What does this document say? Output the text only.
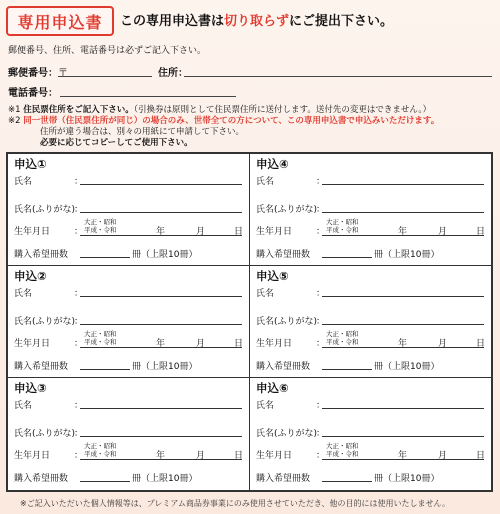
専用申込書	この専用申込書は切り取らずにご提出下さい。
郵便番号、住所、電話番号は必ずご記入下さい。
郵便番号： 〒	住所：
電話番号：
※1 住民票住所をご記入下さい。（引換券は原則として住民票住所に送付します。送付先の変更はできません。）
※2 同一世帯（住民票住所が同じ）の場合のみ、世帯全ての方について、この専用申込書で申込みいただけます。
住所が違う場合は、別々の用紙にて申請して下さい。
必要に応じてコピーしてご使用下さい。
申込①
氏名	：
氏名(ふりがな)
：
生年月日	：
大正・昭和
平成・令和	年	月	日
購入希望冊数	冊（上限10冊）
申込④
氏名	：
氏名(ふりがな)
：
生年月日	：
大正・昭和
平成・令和	年	月	日
購入希望冊数	冊（上限10冊）
申込②
氏名	：
氏名(ふりがな)
：
生年月日	：
大正・昭和
平成・令和	年	月	日
購入希望冊数	冊（上限10冊）
申込⑤
氏名	：
氏名(ふりがな)
：
生年月日	：
大正・昭和
平成・令和	年	月	日
購入希望冊数	冊（上限10冊）
申込③
氏名	：
氏名(ふりがな)
：
生年月日	：
大正・昭和
平成・令和	年	月	日
購入希望冊数	冊（上限10冊）
申込⑥
氏名	：
氏名(ふりがな)
：
生年月日	：
大正・昭和
平成・令和	年	月	日
購入希望冊数	冊（上限10冊）
※ご記入いただいた個人情報等は、プレミアム商品券事業にのみ使用させていただき、他の目的には使用いたしません。
